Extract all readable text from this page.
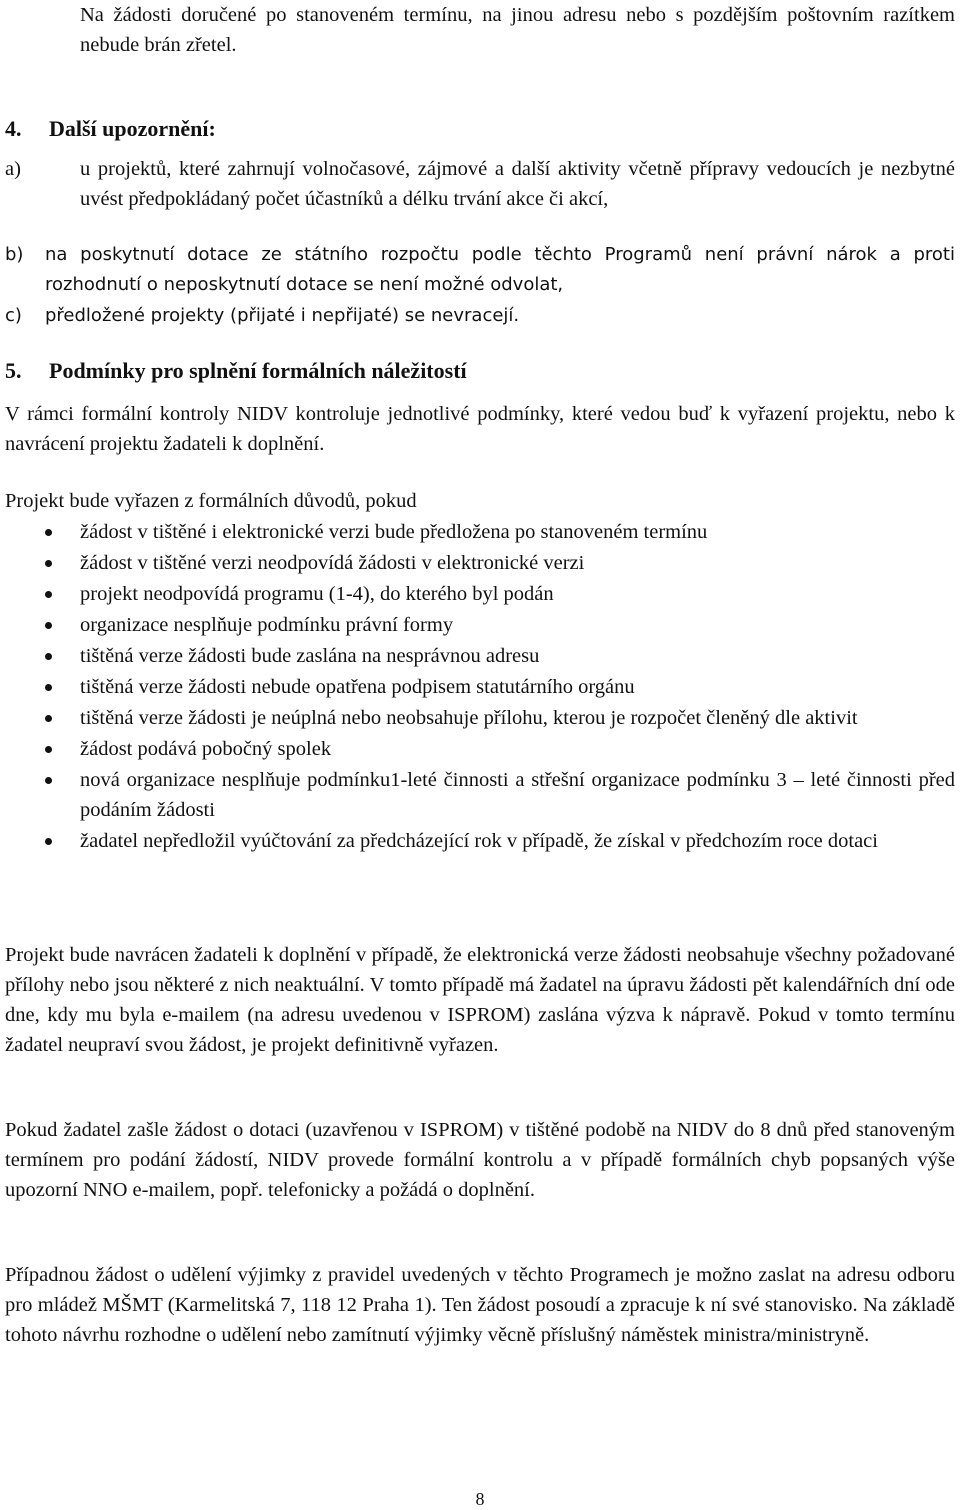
Na žádosti doručené po stanoveném termínu, na jinou adresu nebo s pozdějším poštovním razítkem nebude brán zřetel.
4. Další upozornění:
a)	u projektů, které zahrnují volnočasové, zájmové a další aktivity včetně přípravy vedoucích je nezbytné uvést předpokládaný počet účastníků a délku trvání akce či akcí,
b) na poskytnutí dotace ze státního rozpočtu podle těchto Programů není právní nárok a proti rozhodnutí o neposkytnutí dotace se není možné odvolat,
c) předložené projekty (přijaté i nepřijaté) se nevracejí.
5. Podmínky pro splnění formálních náležitostí
V rámci formální kontroly NIDV kontroluje jednotlivé podmínky, které vedou buď k vyřazení projektu, nebo k navrácení projektu žadateli k doplnění.
Projekt bude vyřazen z formálních důvodů, pokud
žádost v tištěné i elektronické verzi bude předložena po stanoveném termínu
žádost v tištěné verzi neodpovídá žádosti v elektronické verzi
projekt neodpovídá programu (1-4), do kterého byl podán
organizace nesplňuje podmínku právní formy
tištěná verze žádosti bude zaslána na nesprávnou adresu
tištěná verze žádosti nebude opatřena podpisem statutárního orgánu
tištěná verze žádosti je neúplná nebo neobsahuje přílohu, kterou je rozpočet členěný dle aktivit
žádost podává pobočný spolek
nová organizace nesplňuje podmínku1-leté činnosti a střešní organizace podmínku 3 – leté činnosti před podáním žádosti
žadatel nepředložil vyúčtování za předcházející rok v případě, že získal v předchozím roce dotaci
Projekt bude navrácen žadateli k doplnění v případě, že elektronická verze žádosti neobsahuje všechny požadované přílohy nebo jsou některé z nich neaktuální. V tomto případě má žadatel na úpravu žádosti pět kalendářních dní ode dne, kdy mu byla e-mailem (na adresu uvedenou v ISPROM) zaslána výzva k nápravě. Pokud v tomto termínu žadatel neupraví svou žádost, je projekt definitivně vyřazen.
Pokud žadatel zašle žádost o dotaci (uzavřenou v ISPROM) v tištěné podobě na NIDV do 8 dnů před stanoveným termínem pro podání žádostí, NIDV provede formální kontrolu a v případě formálních chyb popsaných výše upozorní NNO e-mailem, popř. telefonicky a požádá o doplnění.
Případnou žádost o udělení výjimky z pravidel uvedených v těchto Programech je možno zaslat na adresu odboru pro mládež MŠMT (Karmelitská 7, 118 12 Praha 1). Ten žádost posoudí a zpracuje k ní své stanovisko. Na základě tohoto návrhu rozhodne o udělení nebo zamítnutí výjimky věcně příslušný náměstek ministra/ministryně.
8
